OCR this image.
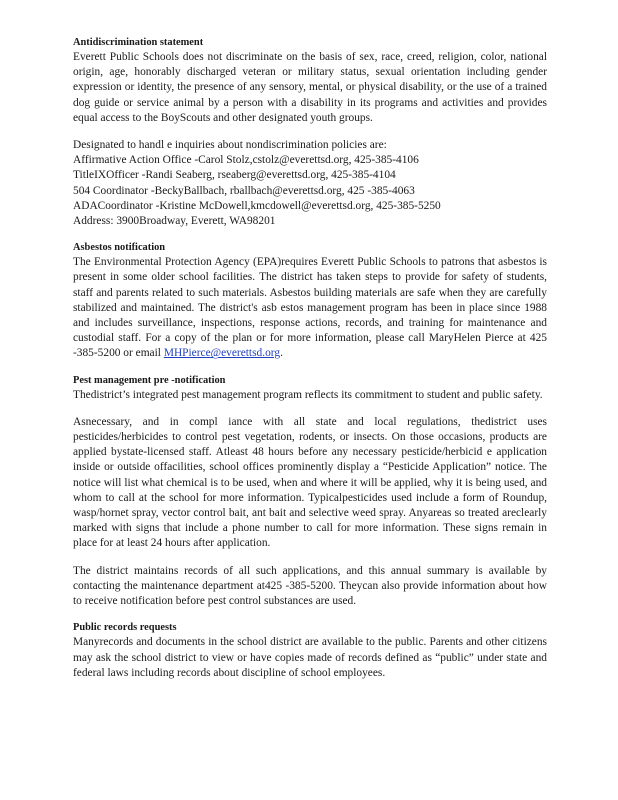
Antidiscrimination statement

Everett Public Schools does not discriminate on the basis of sex, race, creed, religion, color, national origin, age, honorably discharged veteran or military status, sexual orientation including gender expression or identity, the presence of any sensory, mental, or physical disability, or the use of a trained dog guide or service animal by a person with a disability in its programs and activities and provides equal access to the BoyScouts and other designated youth groups.

Designated to handl e inquiries about nondiscrimination policies are:
Affirmative Action Office -Carol Stolz,cstolz@everettsd.org, 425-385-4106
TitleIXOfficer -Randi Seaberg, rseaberg@everettsd.org, 425-385-4104
504 Coordinator -BeckyBallbach, rballbach@everettsd.org, 425 -385-4063
ADACoordinator -Kristine McDowell,kmcdowell@everettsd.org, 425-385-5250
Address: 3900Broadway, Everett, WA98201
Asbestos notification

The Environmental Protection Agency (EPA)requires Everett Public Schools to patrons that asbestos is present in some older school facilities. The district has taken steps to provide for safety of students, staff and parents related to such materials. Asbestos building materials are safe when they are carefully stabilized and maintained. The district's asb estos management program has been in place since 1988 and includes surveillance, inspections, response actions, records, and training for maintenance and custodial staff. For a copy of the plan or for more information, please call MaryHelen Pierce at 425 -385-5200 or email MHPierce@everettsd.org.

Pest management pre -notification

Thedistrict’s integrated pest management program reflects its commitment to student and public safety.

Asnecessary, and in compl iance with all state and local regulations, thedistrict uses pesticides/herbicides to control pest vegetation, rodents, or insects. On those occasions, products are applied bystate-licensed staff. Atleast 48 hours before any necessary pesticide/herbicid e application inside or outside offacilities, school offices prominently display a “Pesticide Application” notice. The notice will list what chemical is to be used, when and where it will be applied, why it is being used, and whom to call at the school for more information. Typicalpesticides used include a form of Roundup, wasp/hornet spray, vector control bait, ant bait and selective weed spray. Anyareas so treated areclearly marked with signs that include a phone number to call for more information. These signs remain in place for at least 24 hours after application.

The district maintains records of all such applications, and this annual summary is available by contacting the maintenance department at425 -385-5200. Theycan also provide information about how to receive notification before pest control substances are used.

Public records requests

Manyrecords and documents in the school district are available to the public. Parents and other citizens may ask the school district to view or have copies made of records defined as “public” under state and federal laws including records about discipline of school employees.
